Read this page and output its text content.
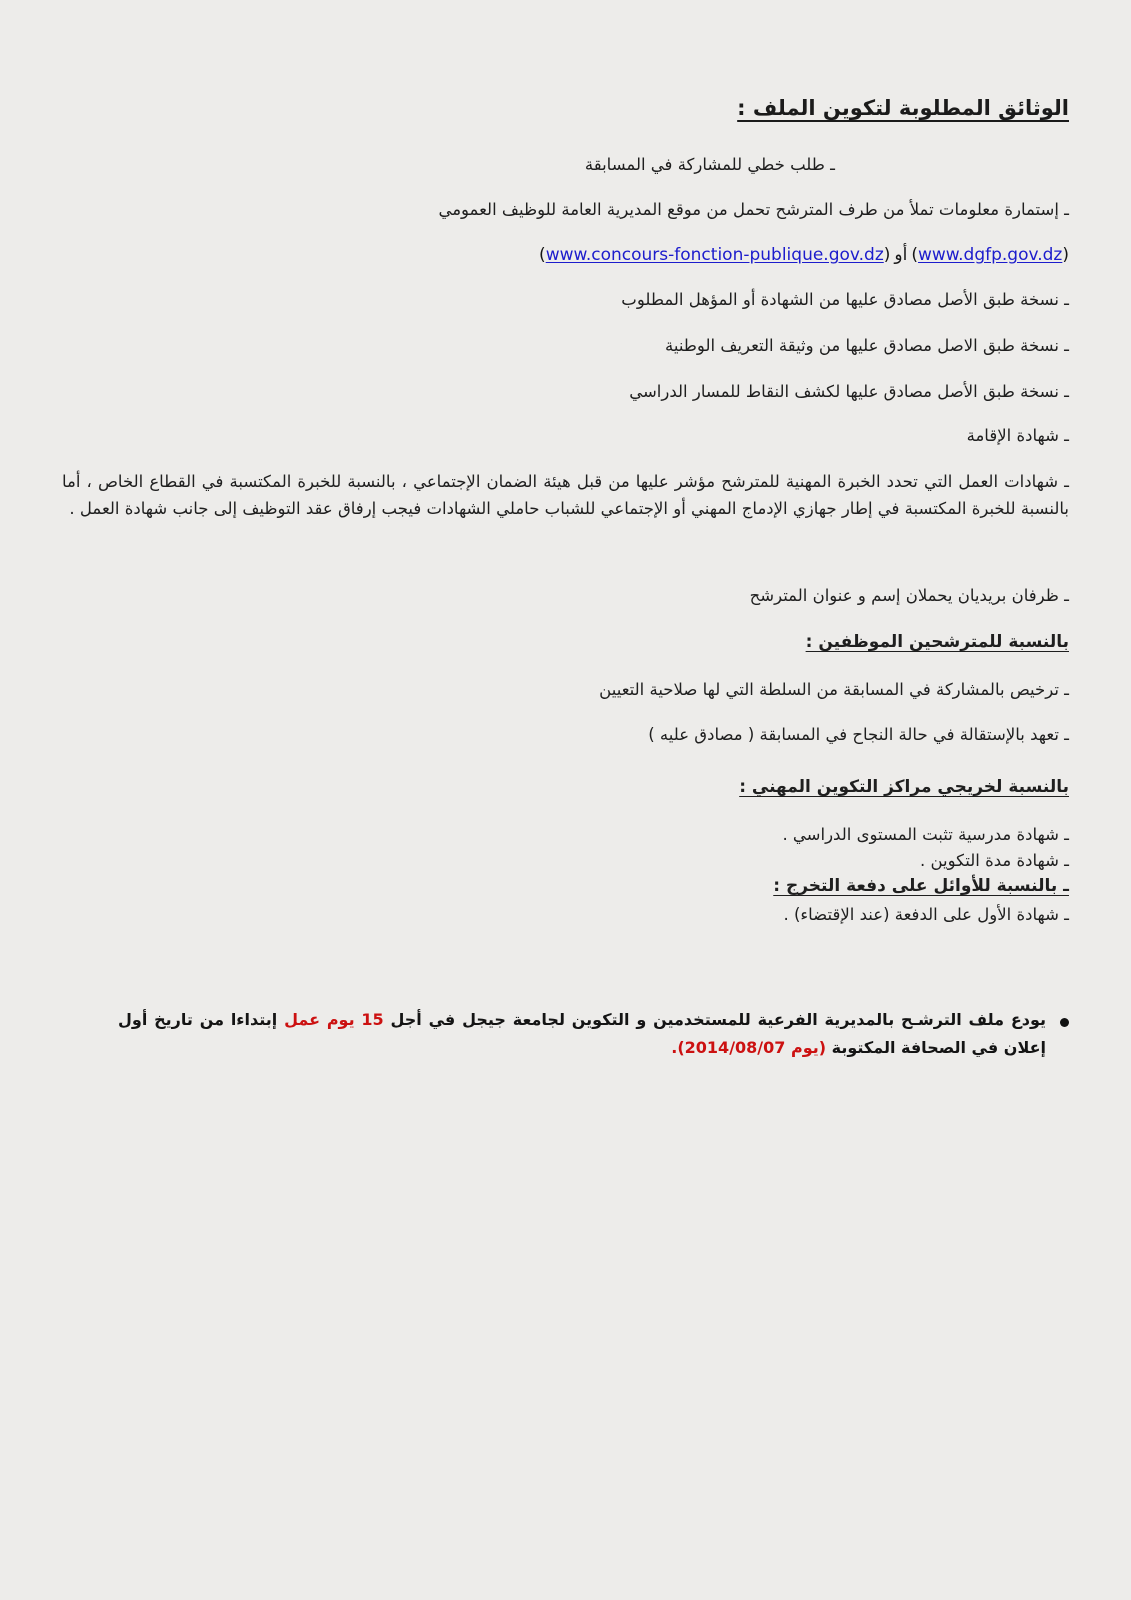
الوثائق المطلوبة لتكوين الملف :
ـ طلب خطي للمشاركة في المسابقة
ـ إستمارة معلومات تملأ من طرف المترشح تحمل من موقع المديرية العامة للوظيف العمومي
(www.dgfp.gov.dz)أو(www.concours-fonction-publique.gov.dz)
ـ نسخة طبق الأصل مصادق عليها من الشهادة أو المؤهل المطلوب
ـ نسخة طبق الاصل مصادق عليها من وثيقة التعريف الوطنية
ـ نسخة طبق الأصل مصادق عليها لكشف النقاط للمسار الدراسي
ـ شهادة الإقامة
ـ شهادات العمل التي تحدد الخبرة المهنية للمترشح مؤشر عليها من قبل هيئة الضمان الإجتماعي ، بالنسبة للخبرة المكتسبة في القطاع الخاص ، أما بالنسبة للخبرة المكتسبة في إطار جهازي الإدماج المهني أو الإجتماعي للشباب حاملي الشهادات فيجب إرفاق عقد التوظيف إلى جانب شهادة العمل .
ـ ظرفان بريديان يحملان إسم و عنوان المترشح
بالنسبة للمترشحين الموظفين :
ـ ترخيص بالمشاركة في المسابقة من السلطة التي لها صلاحية التعيين
ـ تعهد بالإستقالة في حالة النجاح في المسابقة ( مصادق عليه )
بالنسبة لخريجي مراكز التكوين المهني :
ـ شهادة مدرسية تثبت المستوى الدراسي .
ـ شهادة مدة التكوين .
ـ بالنسبة للأوائل على دفعة التخرج :
ـ شهادة الأول على الدفعة (عند الإقتضاء) .
يودع ملف الترشـح بالمديرية الفرعية للمستخدمين و التكوين لجامعة جيجل في أجل 15 يوم عمل إبتداءا من تاريخ أول إعلان في الصحافة المكتوبة (يوم 2014/08/07).
